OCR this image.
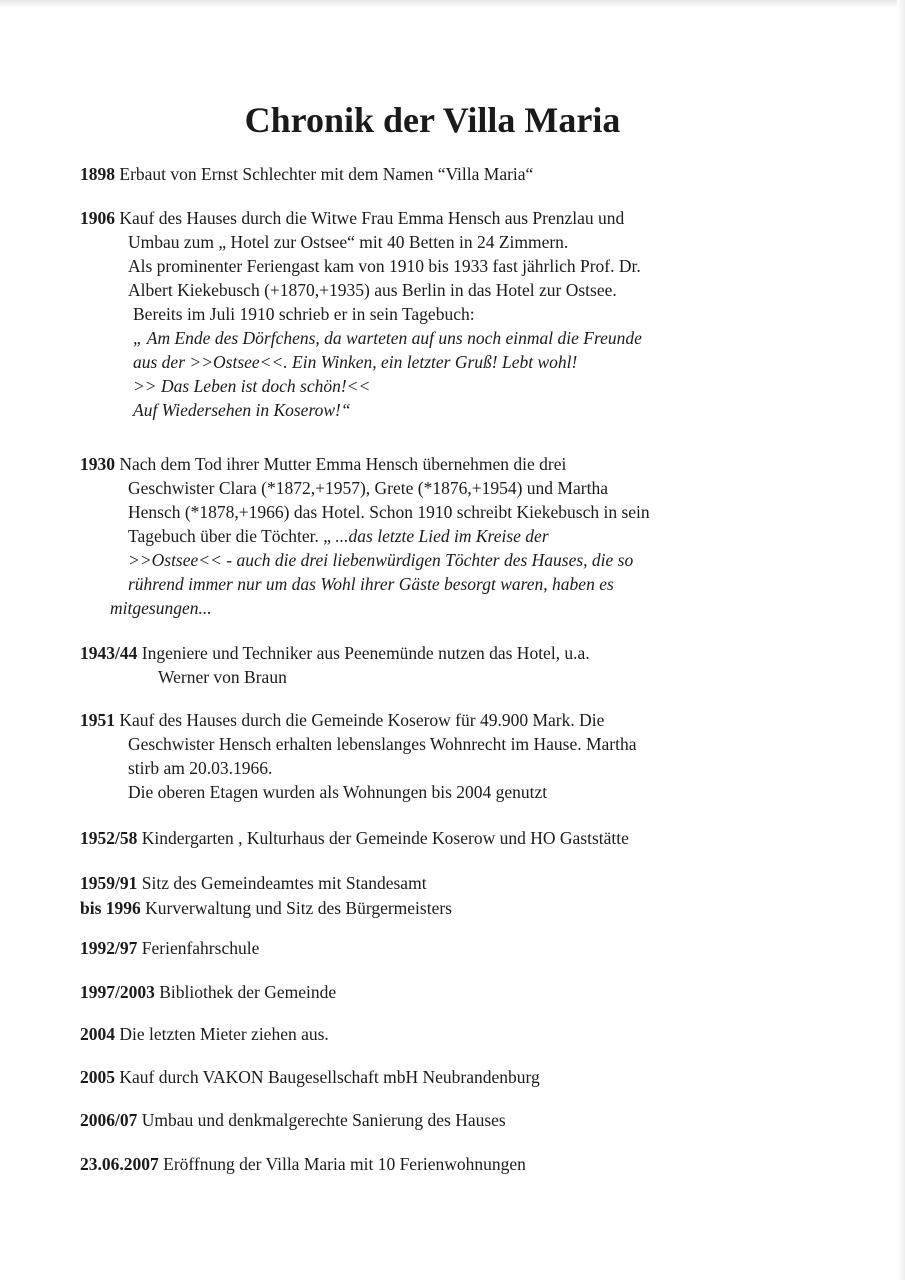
Chronik der Villa Maria
1898 Erbaut von Ernst Schlechter mit dem Namen “Villa Maria“
1906 Kauf des Hauses durch die Witwe Frau Emma Hensch aus Prenzlau und
Umbau zum „ Hotel zur Ostsee“ mit 40 Betten in 24 Zimmern.
Als prominenter Feriengast kam von 1910 bis 1933 fast jährlich Prof. Dr.
Albert Kiekebusch (+1870,+1935) aus Berlin in das Hotel zur Ostsee.
Bereits im Juli 1910 schrieb er in sein Tagebuch:
„ Am Ende des Dörfchens, da warteten auf uns noch einmal die Freunde
aus der >>Ostsee<<. Ein Winken, ein letzter Gruß! Lebt wohl!
>> Das Leben ist doch schön!<<
Auf Wiedersehen in Koserow!“
1930 Nach dem Tod ihrer Mutter Emma Hensch übernehmen die drei
Geschwister Clara (*1872,+1957), Grete (*1876,+1954) und Martha
Hensch (*1878,+1966) das Hotel. Schon 1910 schreibt Kiekebusch in sein
Tagebuch über die Töchter. „ ...das letzte Lied im Kreise der
>>Ostsee<< - auch die drei liebenwürdigen Töchter des Hauses, die so
rührend immer nur um das Wohl ihrer Gäste besorgt waren, haben es
mitgesungen...
1943/44 Ingeniere und Techniker aus Peenemünde nutzen das Hotel, u.a.
Werner von Braun
1951 Kauf des Hauses durch die Gemeinde Koserow für 49.900 Mark. Die
Geschwister Hensch erhalten lebenslanges Wohnrecht im Hause. Martha
stirb am 20.03.1966.
Die oberen Etagen wurden als Wohnungen bis 2004 genutzt
1952/58 Kindergarten , Kulturhaus der Gemeinde Koserow und HO Gaststätte
1959/91 Sitz des Gemeindeamtes mit Standesamt
bis 1996 Kurverwaltung und Sitz des Bürgermeisters
1992/97 Ferienfahrschule
1997/2003 Bibliothek der Gemeinde
2004 Die letzten Mieter ziehen aus.
2005 Kauf durch VAKON Baugesellschaft mbH Neubrandenburg
2006/07 Umbau und denkmalgerechte Sanierung des Hauses
23.06.2007 Eröffnung der Villa Maria mit 10 Ferienwohnungen
